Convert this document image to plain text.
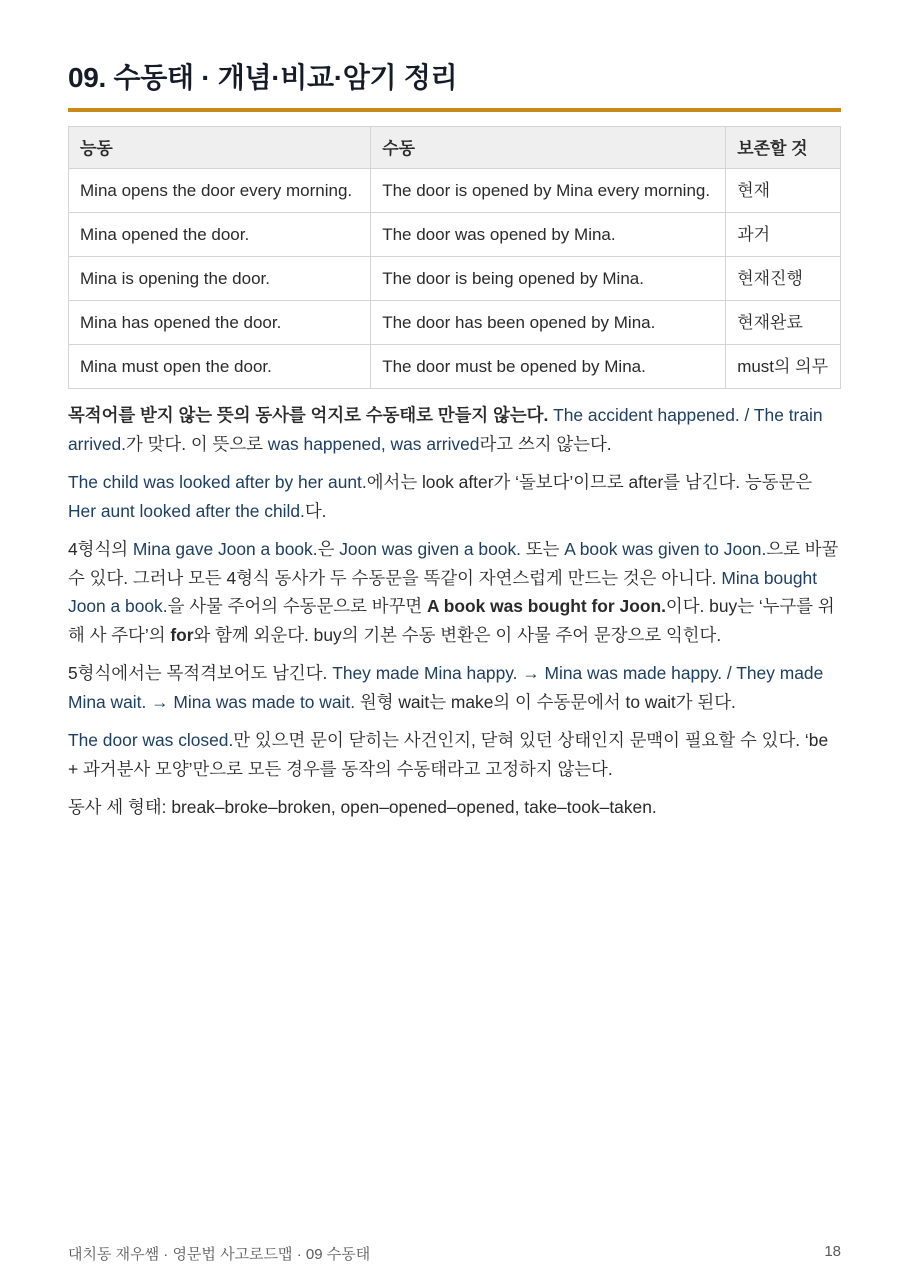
09. 수동태 · 개념·비교·암기 정리
능동	수동	보존할 것
Mina opens the door every morning.	The door is opened by Mina every morning.	현재
Mina opened the door.	The door was opened by Mina.	과거
Mina is opening the door.	The door is being opened by Mina.	현재진행
Mina has opened the door.	The door has been opened by Mina.	현재완료
Mina must open the door.	The door must be opened by Mina.	must의 의무

목적어를 받지 않는 뜻의 동사를 억지로 수동태로 만들지 않는다. The accident happened. / The train arrived.가 맞다. 이 뜻으로 was happened, was arrived라고 쓰지 않는다.

The child was looked after by her aunt.에서는 look after가 ‘돌보다’이므로 after를 남긴다. 능동문은 Her aunt looked after the child.다.

4형식의 Mina gave Joon a book.은 Joon was given a book. 또는 A book was given to Joon.으로 바꿀 수 있다. 그러나 모든 4형식 동사가 두 수동문을 똑같이 자연스럽게 만드는 것은 아니다. Mina bought Joon a book.을 사물 주어의 수동문으로 바꾸면 A book was bought for Joon.이다. buy는 ‘누구를 위해 사 주다’의 for와 함께 외운다. buy의 기본 수동 변환은 이 사물 주어 문장으로 익힌다.

5형식에서는 목적격보어도 남긴다. They made Mina happy. → Mina was made happy. / They made Mina wait. → Mina was made to wait. 원형 wait는 make의 이 수동문에서 to wait가 된다.

The door was closed.만 있으면 문이 닫히는 사건인지, 닫혀 있던 상태인지 문맥이 필요할 수 있다. ‘be + 과거분사 모양’만으로 모든 경우를 동작의 수동태라고 고정하지 않는다.

동사 세 형태: break–broke–broken, open–opened–opened, take–took–taken.

대치동 재우쌤 · 영문법 사고로드맵 · 09 수동태	18
